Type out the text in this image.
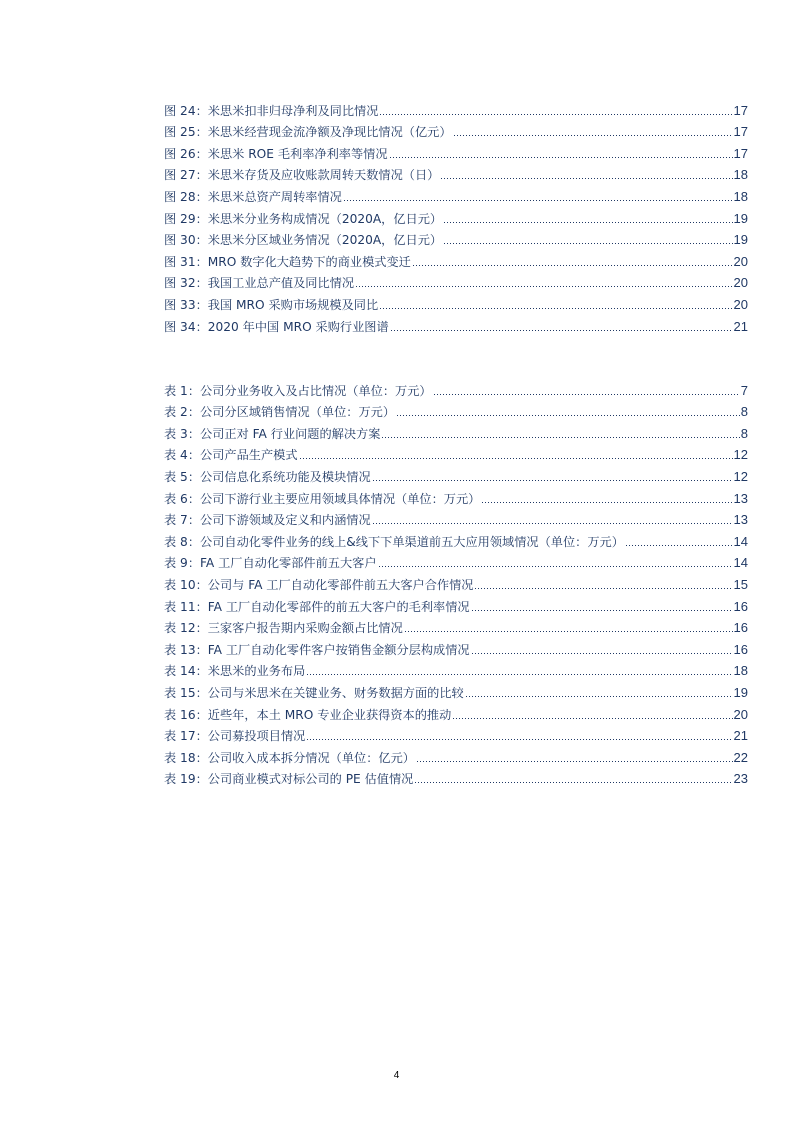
图 24：米思米扣非归母净利及同比情况	17
图 25：米思米经营现金流净额及净现比情况（亿元）	17
图 26：米思米 ROE 毛利率净利率等情况	17
图 27：米思米存货及应收账款周转天数情况（日）	18
图 28：米思米总资产周转率情况	18
图 29：米思米分业务构成情况（2020A，亿日元）	19
图 30：米思米分区域业务情况（2020A，亿日元）	19
图 31：MRO 数字化大趋势下的商业模式变迁	20
图 32：我国工业总产值及同比情况	20
图 33：我国 MRO 采购市场规模及同比	20
图 34：2020 年中国 MRO 采购行业图谱	21
表 1：公司分业务收入及占比情况（单位：万元）	7
表 2：公司分区域销售情况（单位：万元）	8
表 3：公司正对 FA 行业问题的解决方案	8
表 4：公司产品生产模式	12
表 5：公司信息化系统功能及模块情况	12
表 6：公司下游行业主要应用领域具体情况（单位：万元）	13
表 7：公司下游领域及定义和内涵情况	13
表 8：公司自动化零件业务的线上&线下下单渠道前五大应用领域情况（单位：万元）	14
表 9：FA 工厂自动化零部件前五大客户	14
表 10：公司与 FA 工厂自动化零部件前五大客户合作情况	15
表 11：FA 工厂自动化零部件的前五大客户的毛利率情况	16
表 12：三家客户报告期内采购金额占比情况	16
表 13：FA 工厂自动化零件客户按销售金额分层构成情况	16
表 14：米思米的业务布局	18
表 15：公司与米思米在关键业务、财务数据方面的比较	19
表 16：近些年，本土 MRO 专业企业获得资本的推动	20
表 17：公司募投项目情况	21
表 18：公司收入成本拆分情况（单位：亿元）	22
表 19：公司商业模式对标公司的 PE 估值情况	23
4
